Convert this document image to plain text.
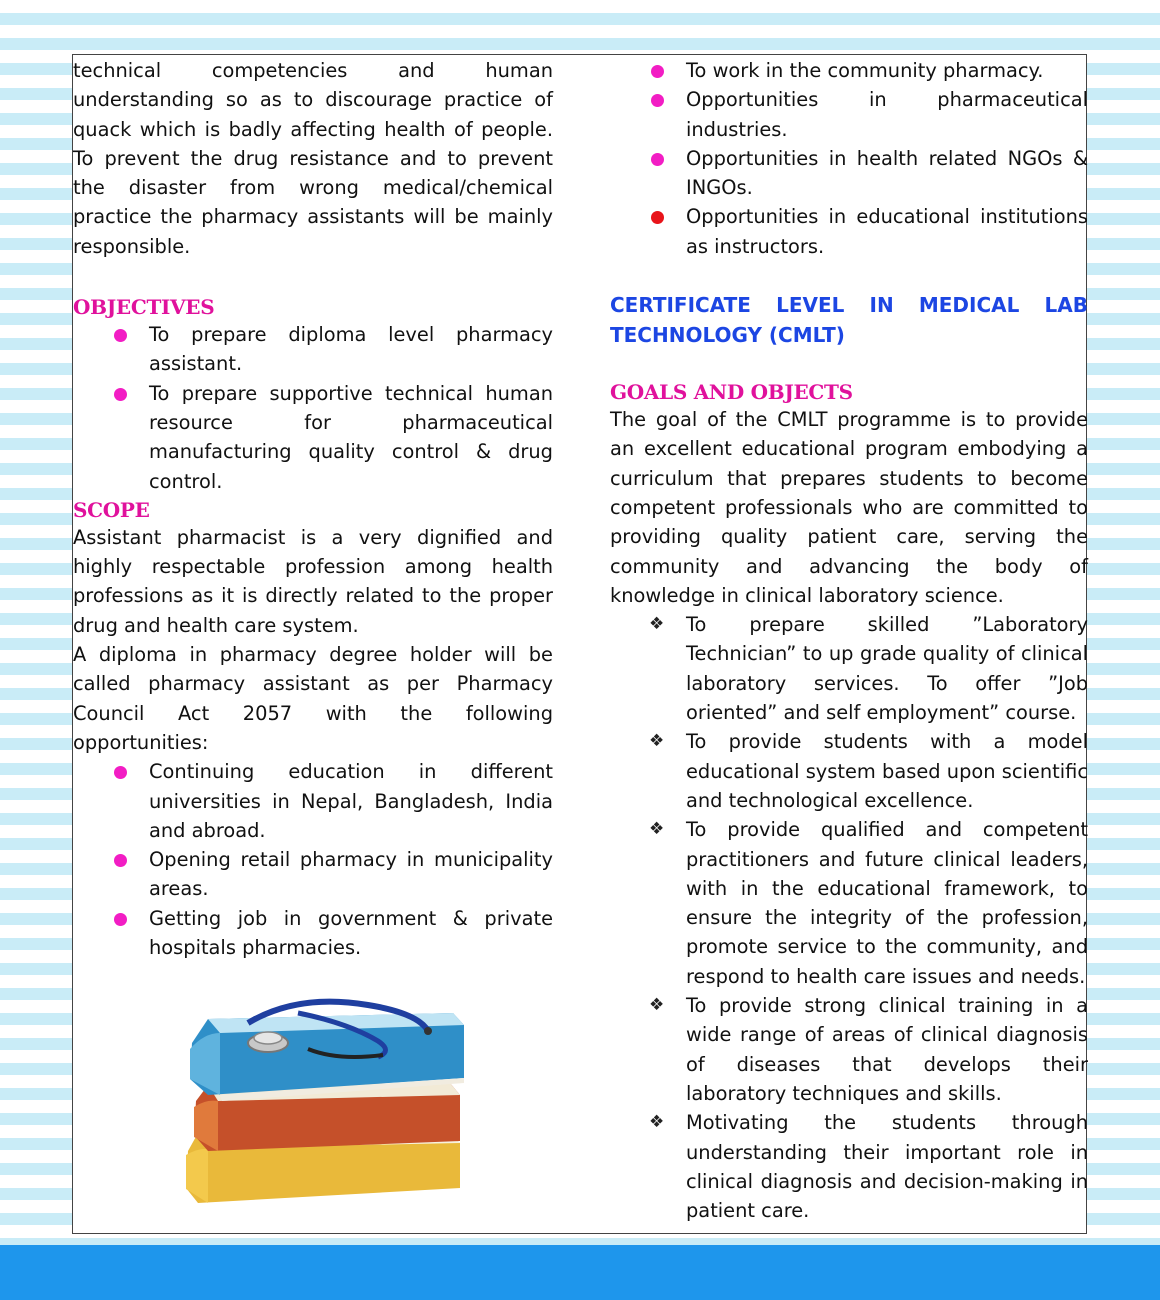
technical competencies and human understanding so as to discourage practice of quack which is badly affecting health of people. To prevent the drug resistance and to prevent the disaster from wrong medical/chemical practice the pharmacy assistants will be mainly responsible.

OBJECTIVES
To prepare diploma level pharmacy assistant.
To prepare supportive technical human resource for pharmaceutical manufacturing quality control & drug control.
SCOPE

Assistant pharmacist is a very dignified and highly respectable profession among health professions as it is directly related to the proper drug and health care system.

A diploma in pharmacy degree holder will be called pharmacy assistant as per Pharmacy Council Act 2057 with the following opportunities:

Continuing education in different universities in Nepal, Bangladesh, India and abroad.
Opening retail pharmacy in municipality areas.
Getting job in government & private hospitals pharmacies.
To work in the community pharmacy.
Opportunities in pharmaceutical industries.
Opportunities in health related NGOs & INGOs.
Opportunities in educational institutions as instructors.
CERTIFICATE LEVEL IN MEDICAL LAB TECHNOLOGY (CMLT)
GOALS AND OBJECTS

The goal of the CMLT programme is to provide an excellent educational program embodying a curriculum that prepares students to become competent professionals who are committed to providing quality patient care, serving the community and advancing the body of knowledge in clinical laboratory science.

❖ To prepare skilled ”Laboratory Technician” to up grade quality of clinical laboratory services. To offer ”Job oriented” and self employment” course.
❖ To provide students with a model educational system based upon scientific and technological excellence.
❖ To provide qualified and competent practitioners and future clinical leaders, with in the educational framework, to ensure the integrity of the profession, promote service to the community, and respond to health care issues and needs.
❖ To provide strong clinical training in a wide range of areas of clinical diagnosis of diseases that develops their laboratory techniques and skills.
❖ Motivating the students through understanding their important role in clinical diagnosis and decision-making in patient care.
